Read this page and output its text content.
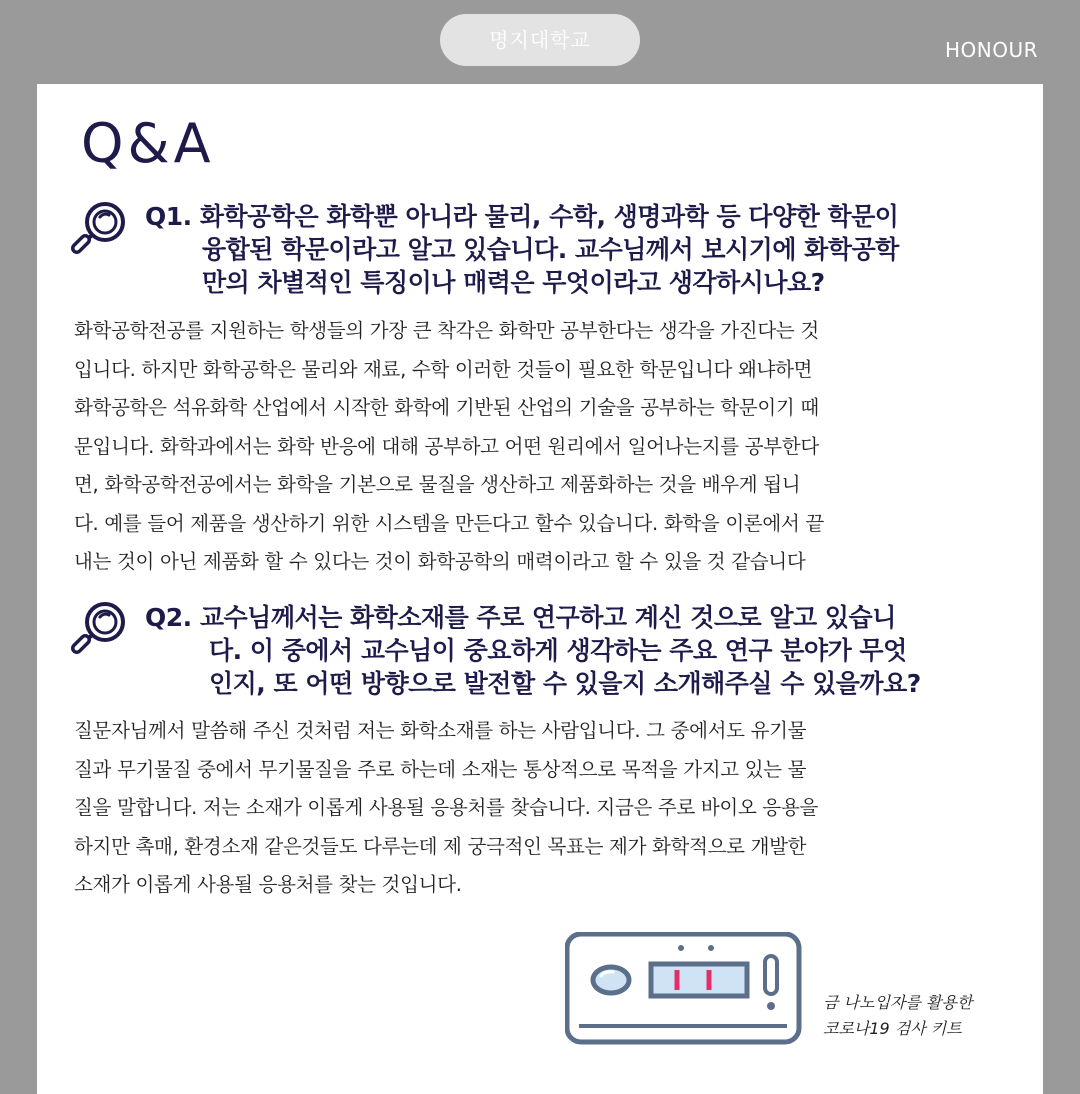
명지대학교	HONOUR
Q&A
Q1. 화학공학은 화학뿐 아니라 물리, 수학, 생명과학 등 다양한 학문이
융합된 학문이라고 알고 있습니다. 교수님께서 보시기에 화학공학
만의 차별적인 특징이나 매력은 무엇이라고 생각하시나요?
화학공학전공를 지원하는 학생들의 가장 큰 착각은 화학만 공부한다는 생각을 가진다는 것
입니다. 하지만 화학공학은 물리와 재료, 수학 이러한 것들이 필요한 학문입니다 왜냐하면
화학공학은 석유화학 산업에서 시작한 화학에 기반된 산업의 기술을 공부하는 학문이기 때
문입니다. 화학과에서는 화학 반응에 대해 공부하고 어떤 원리에서 일어나는지를 공부한다
면, 화학공학전공에서는 화학을 기본으로 물질을 생산하고 제품화하는 것을 배우게 됩니
다. 예를 들어 제품을 생산하기 위한 시스템을 만든다고 할수 있습니다. 화학을 이론에서 끝
내는 것이 아닌 제품화 할 수 있다는 것이 화학공학의 매력이라고 할 수 있을 것 같습니다
Q2. 교수님께서는 화학소재를 주로 연구하고 계신 것으로 알고 있습니
다. 이 중에서 교수님이 중요하게 생각하는 주요 연구 분야가 무엇
인지, 또 어떤 방향으로 발전할 수 있을지 소개해주실 수 있을까요?
질문자님께서 말씀해 주신 것처럼 저는 화학소재를 하는 사람입니다. 그 중에서도 유기물
질과 무기물질 중에서 무기물질을 주로 하는데 소재는 통상적으로 목적을 가지고 있는 물
질을 말합니다. 저는 소재가 이롭게 사용될 응용처를 찾습니다. 지금은 주로 바이오 응용을
하지만 촉매, 환경소재 같은것들도 다루는데 제 궁극적인 목표는 제가 화학적으로 개발한
소재가 이롭게 사용될 응용처를 찾는 것입니다.
금 나노입자를 활용한
코로나19 검사 키트
